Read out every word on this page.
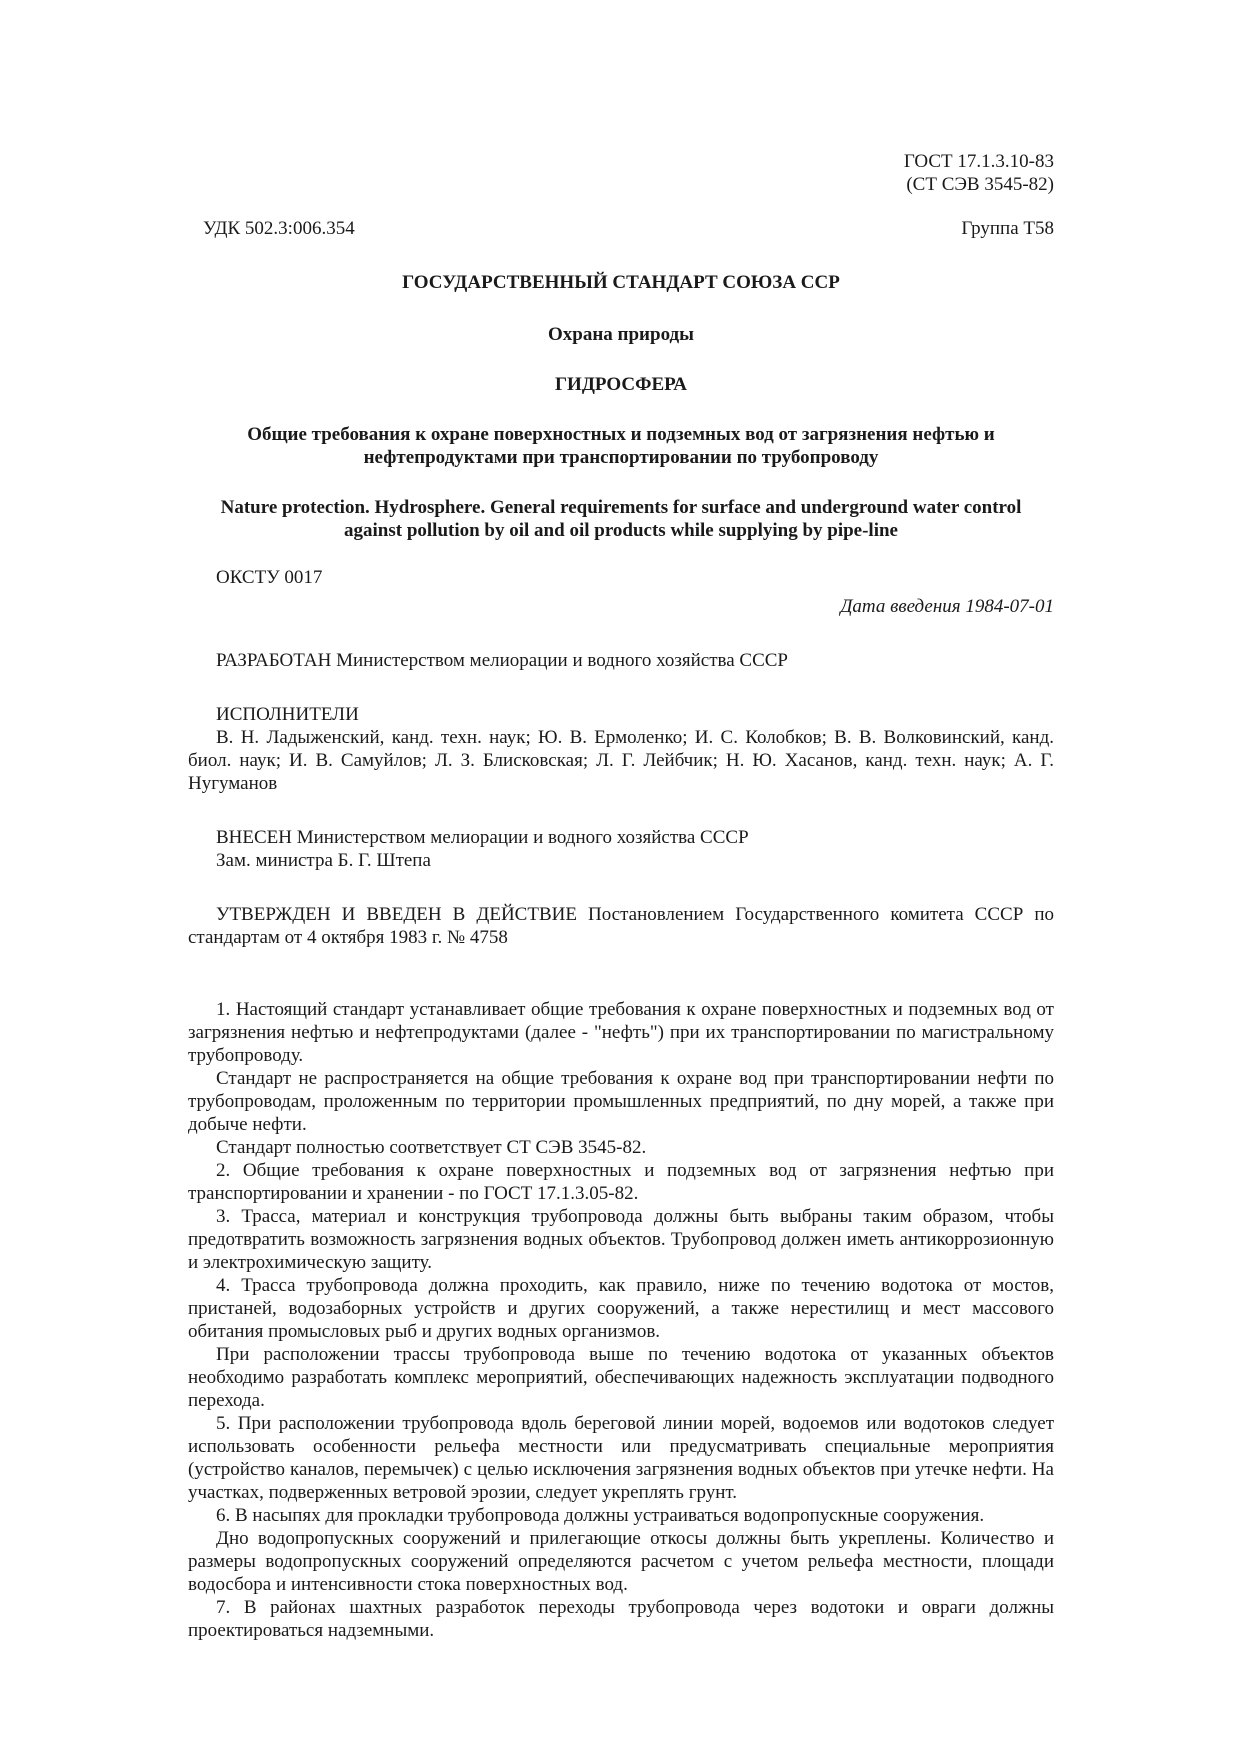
ГОСТ 17.1.3.10-83

(СТ СЭВ 3545-82)

УДК 502.3:006.354	Группа Т58

ГОСУДАРСТВЕННЫЙ СТАНДАРТ СОЮЗА ССР

Охрана природы

ГИДРОСФЕРА

Общие требования к охране поверхностных и подземных вод от загрязнения нефтью и нефтепродуктами при транспортировании по трубопроводу

Nature protection. Hydrosphere. General requirements for surface and underground water control against pollution by oil and oil products while supplying by pipe-line

ОКСТУ 0017

Дата введения 1984-07-01

РАЗРАБОТАН Министерством мелиорации и водного хозяйства СССР

ИСПОЛНИТЕЛИ

В. Н. Ладыженский, канд. техн. наук; Ю. В. Ермоленко; И. С. Колобков; В. В. Волковинский, канд. биол. наук; И. В. Самуйлов; Л. З. Блисковская; Л. Г. Лейбчик; Н. Ю. Хасанов, канд. техн. наук; А. Г. Нугуманов

ВНЕСЕН Министерством мелиорации и водного хозяйства СССР

Зам. министра Б. Г. Штепа

УТВЕРЖДЕН И ВВЕДЕН В ДЕЙСТВИЕ Постановлением Государственного комитета СССР по стандартам от 4 октября 1983 г. № 4758

1. Настоящий стандарт устанавливает общие требования к охране поверхностных и подземных вод от загрязнения нефтью и нефтепродуктами (далее - "нефть") при их транспортировании по магистральному трубопроводу.

Стандарт не распространяется на общие требования к охране вод при транспортировании нефти по трубопроводам, проложенным по территории промышленных предприятий, по дну морей, а также при добыче нефти.

Стандарт полностью соответствует СТ СЭВ 3545-82.

2. Общие требования к охране поверхностных и подземных вод от загрязнения нефтью при транспортировании и хранении - по ГОСТ 17.1.3.05-82.

3. Трасса, материал и конструкция трубопровода должны быть выбраны таким образом, чтобы предотвратить возможность загрязнения водных объектов. Трубопровод должен иметь антикоррозионную и электрохимическую защиту.

4. Трасса трубопровода должна проходить, как правило, ниже по течению водотока от мостов, пристаней, водозаборных устройств и других сооружений, а также нерестилищ и мест массового обитания промысловых рыб и других водных организмов.

При расположении трассы трубопровода выше по течению водотока от указанных объектов необходимо разработать комплекс мероприятий, обеспечивающих надежность эксплуатации подводного перехода.

5. При расположении трубопровода вдоль береговой линии морей, водоемов или водотоков следует использовать особенности рельефа местности или предусматривать специальные мероприятия (устройство каналов, перемычек) с целью исключения загрязнения водных объектов при утечке нефти. На участках, подверженных ветровой эрозии, следует укреплять грунт.

6. В насыпях для прокладки трубопровода должны устраиваться водопропускные сооружения.

Дно водопропускных сооружений и прилегающие откосы должны быть укреплены. Количество и размеры водопропускных сооружений определяются расчетом с учетом рельефа местности, площади водосбора и интенсивности стока поверхностных вод.

7. В районах шахтных разработок переходы трубопровода через водотоки и овраги должны проектироваться надземными.
